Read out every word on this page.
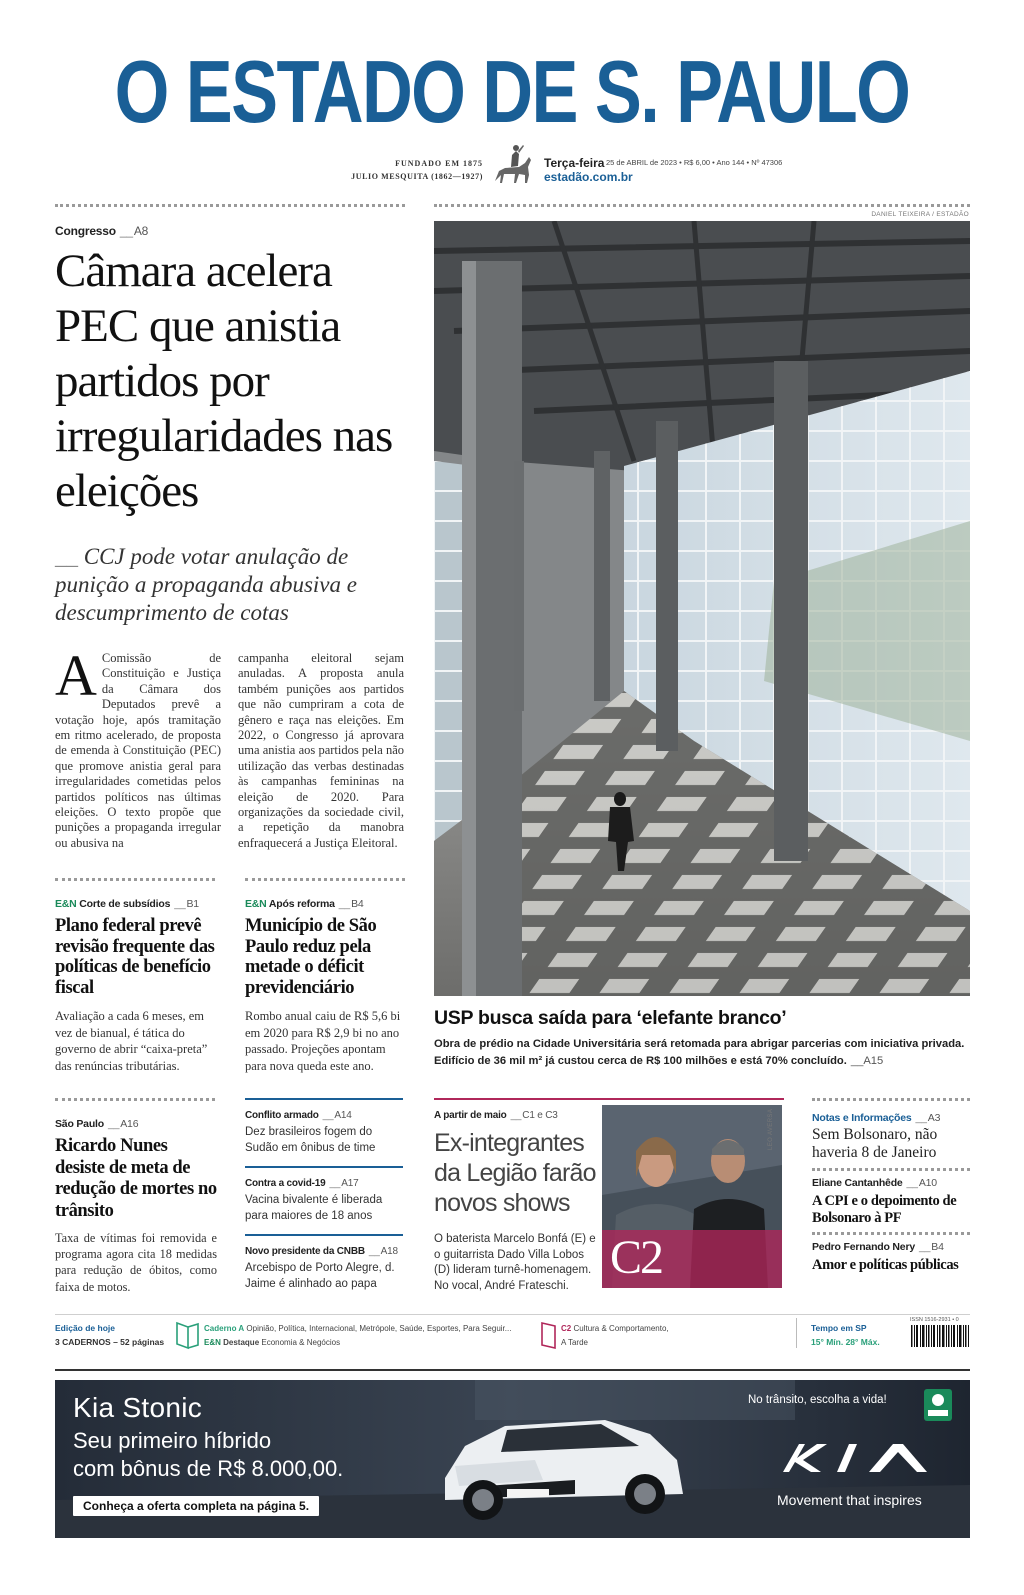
O ESTADO DE S. PAULO
FUNDADO EM 1875
JULIO MESQUITA (1862—1927)
Terça-feira 25 de ABRIL de 2023 • R$ 6,00 • Ano 144 • Nº 47306
estadão.com.br
Congresso __ A8
Câmara acelera PEC que anistia partidos por irregularidades nas eleições
__ CCJ pode votar anulação de punição a propaganda abusiva e descumprimento de cotas
A Comissão de Constituição e Justiça da Câmara dos Deputados prevê a votação hoje, após tramitação em ritmo acelerado, de proposta de emenda à Constituição (PEC) que promove anistia geral para irregularidades cometidas pelos partidos políticos nas últimas eleições. O texto propõe que punições a propaganda irregular ou abusiva na
campanha eleitoral sejam anuladas. A proposta anula também punições aos partidos que não cumpriram a cota de gênero e raça nas eleições. Em 2022, o Congresso já aprovara uma anistia aos partidos pela não utilização das verbas destinadas às campanhas femininas na eleição de 2020. Para organizações da sociedade civil, a repetição da manobra enfraquecerá a Justiça Eleitoral.
DANIEL TEIXEIRA / ESTADÃO
USP busca saída para ‘elefante branco’
Obra de prédio na Cidade Universitária será retomada para abrigar parcerias com iniciativa privada. Edifício de 36 mil m² já custou cerca de R$ 100 milhões e está 70% concluído. __A15
E&N Corte de subsídios __ B1
Plano federal prevê revisão frequente das políticas de benefício fiscal
Avaliação a cada 6 meses, em vez de bianual, é tática do governo de abrir “caixa-preta” das renúncias tributárias.
E&N Após reforma __ B4
Município de São Paulo reduz pela metade o déficit previdenciário
Rombo anual caiu de R$ 5,6 bi em 2020 para R$ 2,9 bi no ano passado. Projeções apontam para nova queda este ano.
São Paulo __ A16
Ricardo Nunes desiste de meta de redução de mortes no trânsito
Taxa de vítimas foi removida e programa agora cita 18 medidas para redução de óbitos, como faixa de motos.
Conflito armado __ A14
Dez brasileiros fogem do Sudão em ônibus de time
Contra a covid-19 __ A17
Vacina bivalente é liberada para maiores de 18 anos
Novo presidente da CNBB __ A18
Arcebispo de Porto Alegre, d. Jaime é alinhado ao papa
A partir de maio __ C1 e C3
Ex-integrantes da Legião farão novos shows
O baterista Marcelo Bonfá (E) e o guitarrista Dado Villa Lobos (D) lideram turnê-homenagem. No vocal, André Frateschi.
C2
LEO AVERSA	Notas e Informações __ A3
Sem Bolsonaro, não haveria 8 de Janeiro
Eliane Cantanhêde __ A10
A CPI e o depoimento de Bolsonaro à PF
Pedro Fernando Nery __ B4
Amor e políticas públicas
Edição de hoje
3 CADERNOS – 52 páginas
Caderno A Opinião, Política, Internacional, Metrópole, Saúde, Esportes, Para Seguir...
E&N Destaque Economia & Negócios
C2 Cultura & Comportamento,
A Tarde
Tempo em SP
15° Mín. 28° Máx.
ISSN 1516-2931 • 0
Kia Stonic
Seu primeiro híbrido
com bônus de R$ 8.000,00.
Conheça a oferta completa na página 5.
No trânsito, escolha a vida!
Movement that inspires
